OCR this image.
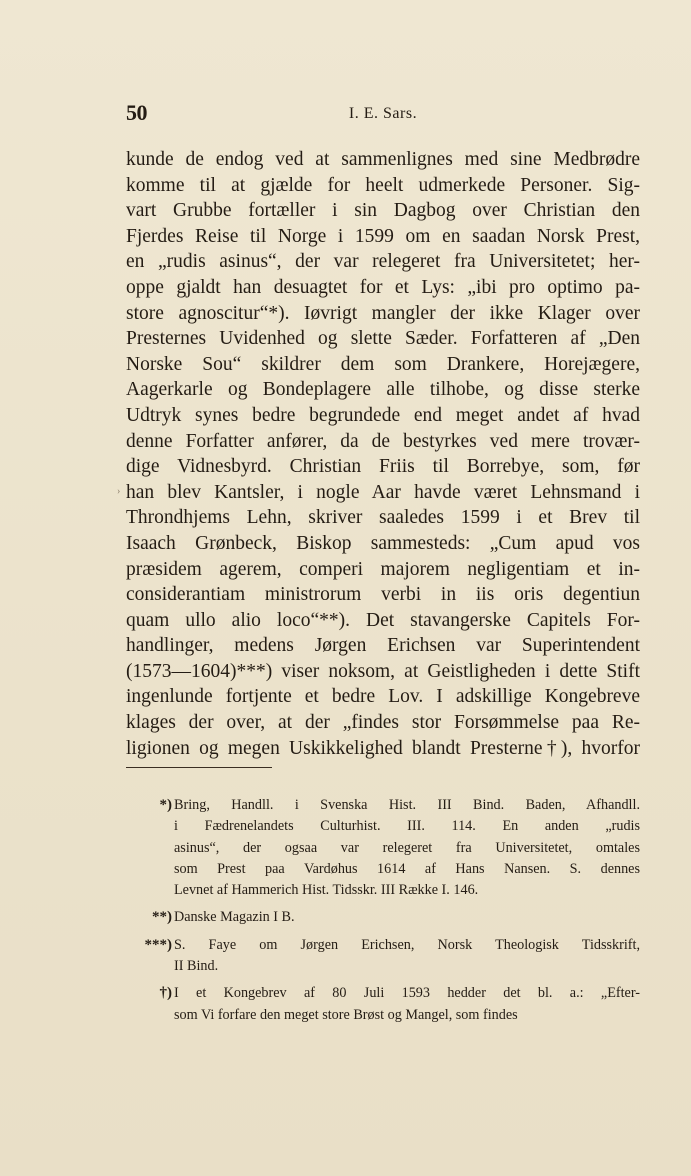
50	I. E. Sars.
›
kunde de endog ved at sammenlignes med sine Medbrødre
komme til at gjælde for heelt udmerkede Personer. Sig-
vart Grubbe fortæller i sin Dagbog over Christian den
Fjerdes Reise til Norge i 1599 om en saadan Norsk Prest,
en „rudis asinus“, der var relegeret fra Universitetet; her-
oppe gjaldt han desuagtet for et Lys: „ibi pro optimo pa-
store agnoscitur“*). Iøvrigt mangler der ikke Klager over
Presternes Uvidenhed og slette Sæder. Forfatteren af „Den
Norske Sou“ skildrer dem som Drankere, Horejægere,
Aagerkarle og Bondeplagere alle tilhobe, og disse sterke
Udtryk synes bedre begrundede end meget andet af hvad
denne Forfatter anfører, da de bestyrkes ved mere trovær-
dige Vidnesbyrd. Christian Friis til Borrebye, som, før
han blev Kantsler, i nogle Aar havde været Lehnsmand i
Throndhjems Lehn, skriver saaledes 1599 i et Brev til
Isaach Grønbeck, Biskop sammesteds: „Cum apud vos
præsidem agerem, comperi majorem negligentiam et in-
considerantiam ministrorum verbi in iis oris degentiun
quam ullo alio loco“**). Det stavangerske Capitels For-
handlinger, medens Jørgen Erichsen var Superintendent
(1573—1604)***) viser noksom, at Geistligheden i dette Stift
ingenlunde fortjente et bedre Lov. I adskillige Kongebreve
klages der over, at der „findes stor Forsømmelse paa Re-
ligionen og megen Uskikkelighed blandt Presterne†), hvorfor
*) Bring, Handll. i Svenska Hist. III Bind. Baden, Afhandll.
i Fædrenelandets Culturhist. III. 114. En anden „rudis
asinus“, der ogsaa var relegeret fra Universitetet, omtales
som Prest paa Vardøhus 1614 af Hans Nansen. S. dennes
Levnet af Hammerich Hist. Tidsskr. III Række I. 146.
**) Danske Magazin I B.
***) S. Faye om Jørgen Erichsen, Norsk Theologisk Tidsskrift,
II Bind.
†) I et Kongebrev af 80 Juli 1593 hedder det bl. a.: „Efter-
som Vi forfare den meget store Brøst og Mangel, som findes
